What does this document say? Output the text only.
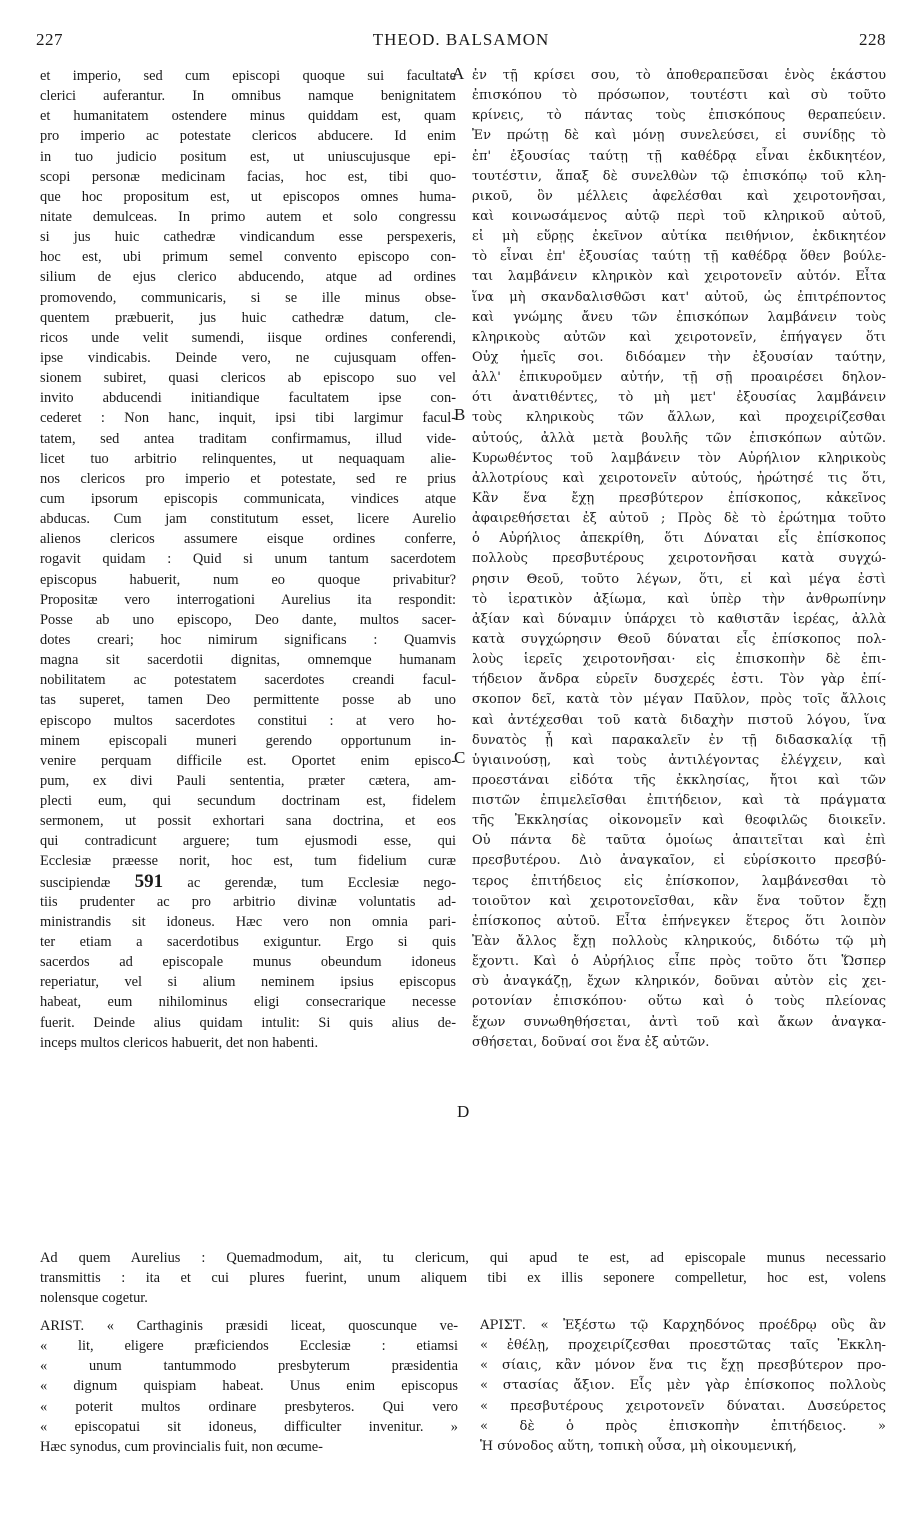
227	THEOD. BALSAMON	228
et imperio, sed cum episcopi quoque sui facultate
clerici auferantur. In omnibus namque benignitatem
et humanitatem ostendere minus quiddam est, quam
pro imperio ac potestate clericos abducere. Id enim
in tuo judicio positum est, ut uniuscujusque epi-
scopi personæ medicinam facias, hoc est, tibi quo-
que hoc propositum est, ut episcopos omnes huma-
nitate demulceas. In primo autem et solo congressu
si jus huic cathedræ vindicandum esse perspexeris,
hoc est, ubi primum semel convento episcopo con-
silium de ejus clerico abducendo, atque ad ordines
promovendo, communicaris, si se ille minus obse-
quentem præbuerit, jus huic cathedræ datum, cle-
ricos unde velit sumendi, iisque ordines conferendi,
ipse vindicabis. Deinde vero, ne cujusquam offen-
sionem subiret, quasi clericos ab episcopo suo vel
invito abducendi initiandique facultatem ipse con-
cederet : Non hanc, inquit, ipsi tibi largimur facul-
tatem, sed antea traditam confirmamus, illud vide-
licet tuo arbitrio relinquentes, ut nequaquam alie-
nos clericos pro imperio et potestate, sed re prius
cum ipsorum episcopis communicata, vindices atque
abducas. Cum jam constitutum esset, licere Aurelio
alienos clericos assumere eisque ordines conferre,
rogavit quidam : Quid si unum tantum sacerdotem
episcopus habuerit, num eo quoque privabitur?
Propositæ vero interrogationi Aurelius ita respondit:
Posse ab uno episcopo, Deo dante, multos sacer-
dotes creari; hoc nimirum significans : Quamvis
magna sit sacerdotii dignitas, omnemque humanam
nobilitatem ac potestatem sacerdotes creandi facul-
tas superet, tamen Deo permittente posse ab uno
episcopo multos sacerdotes constitui : at vero ho-
minem episcopali muneri gerendo opportunum in-
venire perquam difficile est. Oportet enim episco-
pum, ex divi Pauli sententia, præter cætera, am-
plecti eum, qui secundum doctrinam est, fidelem
sermonem, ut possit exhortari sana doctrina, et eos
qui contradicunt arguere; tum ejusmodi esse, qui
Ecclesiæ præesse norit, hoc est, tum fidelium curæ
suscipiendæ 591 ac gerendæ, tum Ecclesiæ nego-
tiis prudenter ac pro arbitrio divinæ voluntatis ad-
ministrandis sit idoneus. Hæc vero non omnia pari-
ter etiam a sacerdotibus exiguntur. Ergo si quis
sacerdos ad episcopale munus obeundum idoneus
reperiatur, vel si alium neminem ipsius episcopus
habeat, eum nihilominus eligi consecrarique necesse
fuerit. Deinde alius quidam intulit: Si quis alius de-
inceps multos clericos habuerit, det non habenti.
ἐν τῇ κρίσει σου, τὸ ἀποθεραπεῦσαι ἑνὸς ἑκάστου
ἐπισκόπου τὸ πρόσωπον, τουτέστι καὶ σὺ τοῦτο
κρίνεις, τὸ πάντας τοὺς ἐπισκόπους θεραπεύειν.
Ἐν πρώτῃ δὲ καὶ μόνῃ συνελεύσει, εἰ συνίδῃς τὸ
ἐπ' ἐξουσίας ταύτῃ τῇ καθέδρᾳ εἶναι ἐκδικητέον,
τουτέστιν, ἅπαξ δὲ συνελθὼν τῷ ἐπισκόπῳ τοῦ κλη-
ρικοῦ, ὃν μέλλεις ἀφελέσθαι καὶ χειροτονῆσαι,
καὶ κοινωσάμενος αὐτῷ περὶ τοῦ κληρικοῦ αὐτοῦ,
εἰ μὴ εὕρῃς ἐκεῖνον αὐτίκα πειθήνιον, ἐκδικητέον
τὸ εἶναι ἐπ' ἐξουσίας ταύτῃ τῇ καθέδρᾳ ὅθεν βούλε-
ται λαμβάνειν κληρικὸν καὶ χειροτονεῖν αὐτόν. Εἶτα
ἵνα μὴ σκανδαλισθῶσι κατ' αὐτοῦ, ὡς ἐπιτρέποντος
καὶ γνώμης ἄνευ τῶν ἐπισκόπων λαμβάνειν τοὺς
κληρικοὺς αὐτῶν καὶ χειροτονεῖν, ἐπήγαγεν ὅτι
Οὐχ ἡμεῖς σοι. διδόαμεν τὴν ἐξουσίαν ταύτην,
ἀλλ' ἐπικυροῦμεν αὐτήν, τῇ σῇ προαιρέσει δηλον-
ότι ἀνατιθέντες, τὸ μὴ μετ' ἐξουσίας λαμβάνειν
τοὺς κληρικοὺς τῶν ἄλλων, καὶ προχειρίζεσθαι
αὐτούς, ἀλλὰ μετὰ βουλῆς τῶν ἐπισκόπων αὐτῶν.
Κυρωθέντος τοῦ λαμβάνειν τὸν Αὐρήλιον κληρικοὺς
ἀλλοτρίους καὶ χειροτονεῖν αὐτούς, ἠρώτησέ τις ὅτι,
Κἂν ἕνα ἔχῃ πρεσβύτερον ἐπίσκοπος, κἀκεῖνος
ἀφαιρεθήσεται ἐξ αὐτοῦ ; Πρὸς δὲ τὸ ἐρώτημα τοῦτο
ὁ Αὐρήλιος ἀπεκρίθη, ὅτι Δύναται εἷς ἐπίσκοπος
πολλοὺς πρεσβυτέρους χειροτονῆσαι κατὰ συγχώ-
ρησιν Θεοῦ, τοῦτο λέγων, ὅτι, εἰ καὶ μέγα ἐστὶ
τὸ ἱερατικὸν ἀξίωμα, καὶ ὑπὲρ τὴν ἀνθρωπίνην
ἀξίαν καὶ δύναμιν ὑπάρχει τὸ καθιστᾶν ἱερέας, ἀλλὰ
κατὰ συγχώρησιν Θεοῦ δύναται εἷς ἐπίσκοπος πολ-
λοὺς ἱερεῖς χειροτονῆσαι· εἰς ἐπισκοπὴν δὲ ἐπι-
τήδειον ἄνδρα εὑρεῖν δυσχερές ἐστι. Τὸν γὰρ ἐπί-
σκοπον δεῖ, κατὰ τὸν μέγαν Παῦλον, πρὸς τοῖς ἄλλοις
καὶ ἀντέχεσθαι τοῦ κατὰ διδαχὴν πιστοῦ λόγου, ἵνα
δυνατὸς ᾖ καὶ παρακαλεῖν ἐν τῇ διδασκαλίᾳ τῇ
ὑγιαινούσῃ, καὶ τοὺς ἀντιλέγοντας ἐλέγχειν, καὶ
προεστάναι εἰδότα τῆς ἐκκλησίας, ἤτοι καὶ τῶν
πιστῶν ἐπιμελεῖσθαι ἐπιτήδειον, καὶ τὰ πράγματα
τῆς Ἐκκλησίας οἰκονομεῖν καὶ θεοφιλῶς διοικεῖν.
Οὐ πάντα δὲ ταῦτα ὁμοίως ἀπαιτεῖται καὶ ἐπὶ
πρεσβυτέρου. Διὸ ἀναγκαῖον, εἰ εὑρίσκοιτο πρεσβύ-
τερος ἐπιτήδειος εἰς ἐπίσκοπον, λαμβάνεσθαι τὸ
τοιοῦτον καὶ χειροτονεῖσθαι, κἂν ἕνα τοῦτον ἔχῃ
ἐπίσκοπος αὐτοῦ. Εἶτα ἐπήνεγκεν ἕτερος ὅτι λοιπὸν
Ἐὰν ἄλλος ἔχῃ πολλοὺς κληρικούς, διδότω τῷ μὴ
ἔχοντι. Καὶ ὁ Αὐρήλιος εἶπε πρὸς τοῦτο ὅτι Ὥσπερ
σὺ ἀναγκάζῃ, ἔχων κληρικόν, δοῦναι αὐτὸν εἰς χει-
ροτονίαν ἐπισκόπου· οὕτω καὶ ὁ τοὺς πλείονας
ἔχων συνωθηθήσεται, ἀντὶ τοῦ καὶ ἄκων ἀναγκα-
σθήσεται, δοῦναί σοι ἕνα ἐξ αὐτῶν.
A
B
C
D
Ad quem Aurelius : Quemadmodum, ait, tu clericum, qui apud te est, ad episcopale munus necessario
transmittis : ita et cui plures fuerint, unum aliquem tibi ex illis seponere compelletur, hoc est, volens
nolensque cogetur.
ARIST. « Carthaginis præsidi liceat, quoscunque ve-
« lit, eligere præficiendos Ecclesiæ : etiamsi
« unum tantummodo presbyterum præsidentia
« dignum quispiam habeat. Unus enim episcopus
« poterit multos ordinare presbyteros. Qui vero
« episcopatui sit idoneus, difficulter invenitur. »
Hæc synodus, cum provincialis fuit, non œcume-
ΑΡΙΣΤ. « Ἐξέστω τῷ Καρχηδόνος προέδρῳ οὓς ἂν
« ἐθέλῃ, προχειρίζεσθαι προεστῶτας ταῖς Ἐκκλη-
« σίαις, κἂν μόνον ἕνα τις ἔχῃ πρεσβύτερον προ-
« στασίας ἄξιον. Εἷς μὲν γὰρ ἐπίσκοπος πολλοὺς
« πρεσβυτέρους χειροτονεῖν δύναται. Δυσεύρετος
« δὲ ὁ πρὸς ἐπισκοπὴν ἐπιτήδειος. »
Ἡ σύνοδος αὕτη, τοπικὴ οὖσα, μὴ οἰκουμενική,
